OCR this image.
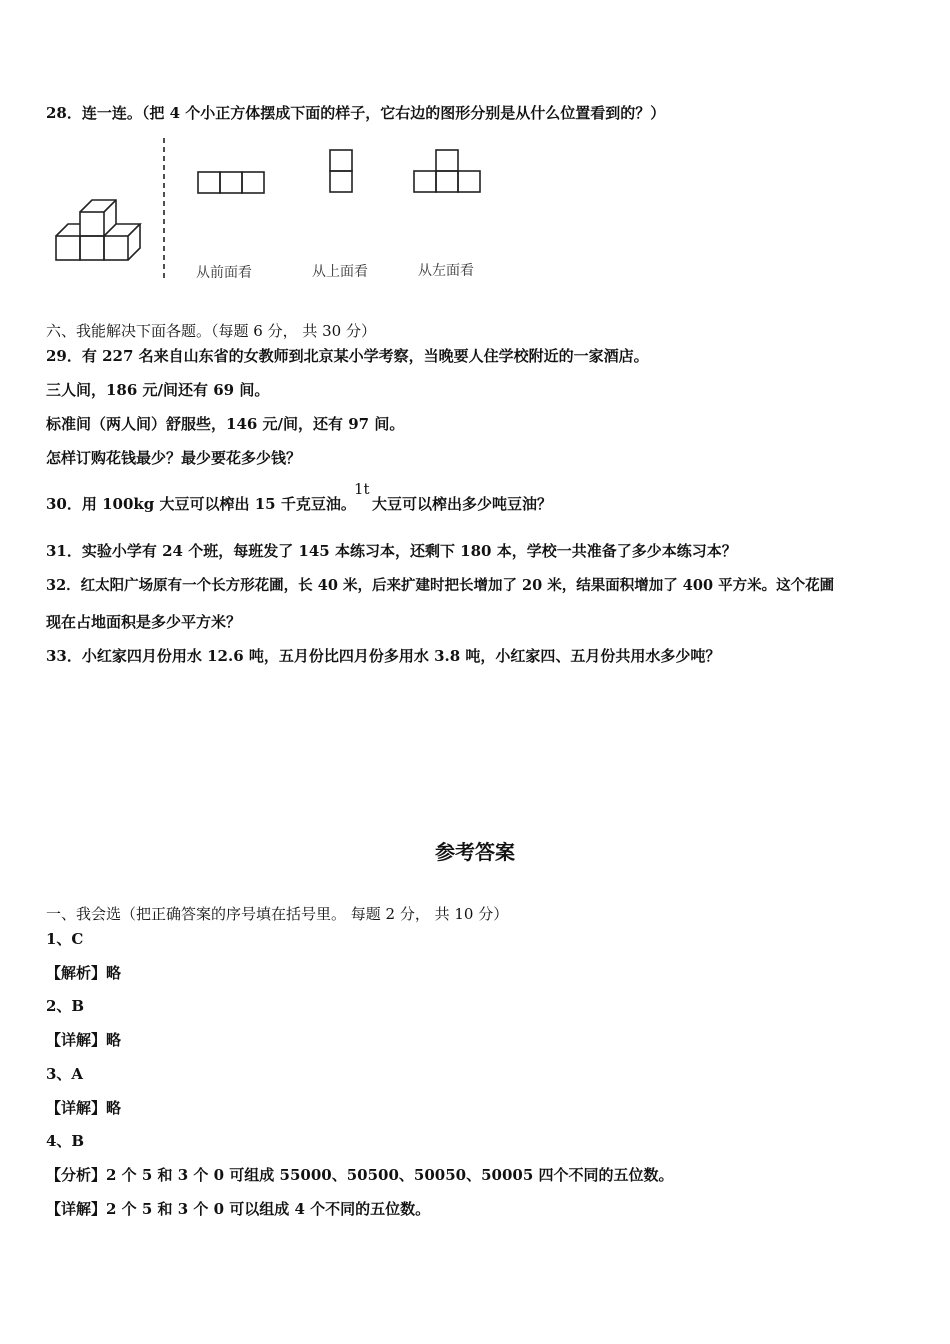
28．连一连。（把 4 个小正方体摆成下面的样子，它右边的图形分别是从什么位置看到的？）
从前面看	从上面看	从左面看
六、我能解决下面各题。（每题 6 分， 共 30 分）
29．有 227 名来自山东省的女教师到北京某小学考察，当晚要人住学校附近的一家酒店。
三人间，186 元/间还有 69 间。
标准间（两人间）舒服些，146 元/间，还有 97 间。
怎样订购花钱最少？最少要花多少钱？
30．用 100kg 大豆可以榨出 15 千克豆油。
1t
大豆可以榨出多少吨豆油？
31．实验小学有 24 个班，每班发了 145 本练习本，还剩下 180 本，学校一共准备了多少本练习本？
32．红太阳广场原有一个长方形花圃，长 40 米，后来扩建时把长增加了 20 米，结果面积增加了 400 平方米。这个花圃
现在占地面积是多少平方米？
33．小红家四月份用水 12.6 吨，五月份比四月份多用水 3.8 吨，小红家四、五月份共用水多少吨？
参考答案
一、我会选（把正确答案的序号填在括号里。 每题 2 分， 共 10 分）
1、C
【解析】略
2、B
【详解】略
3、A
【详解】略
4、B
【分析】2 个 5 和 3 个 0 可组成 55000、50500、50050、50005 四个不同的五位数。
【详解】2 个 5 和 3 个 0 可以组成 4 个不同的五位数。
